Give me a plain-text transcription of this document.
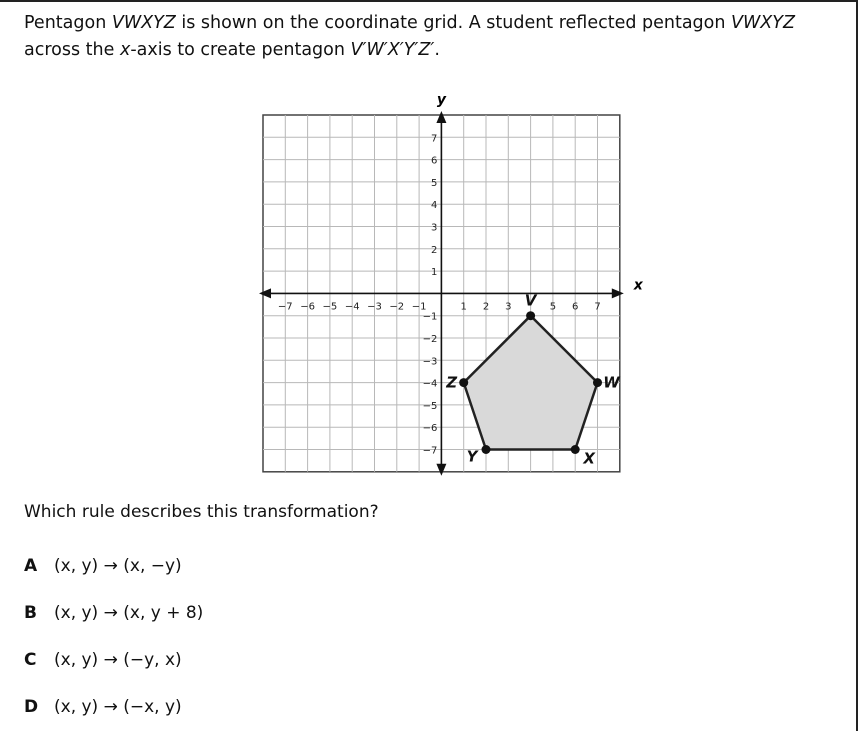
Pentagon VWXYZ is shown on the coordinate grid. A student reflected pentagon VWXYZ
across the x-axis to create pentagon V′W′X′Y′Z′.
−7 −6 −5 −4 −3 −2 −1	1 2 3	5 6 7
7
6
5
4
3
2
1
−1
−2
−3
−4
−5
−6
−7
V
W
X
Y
Z
x
y
Which rule describes this transformation?
A (x, y) → (x, −y)
B (x, y) → (x, y + 8)
C (x, y) → (−y, x)
D (x, y) → (−x, y)
